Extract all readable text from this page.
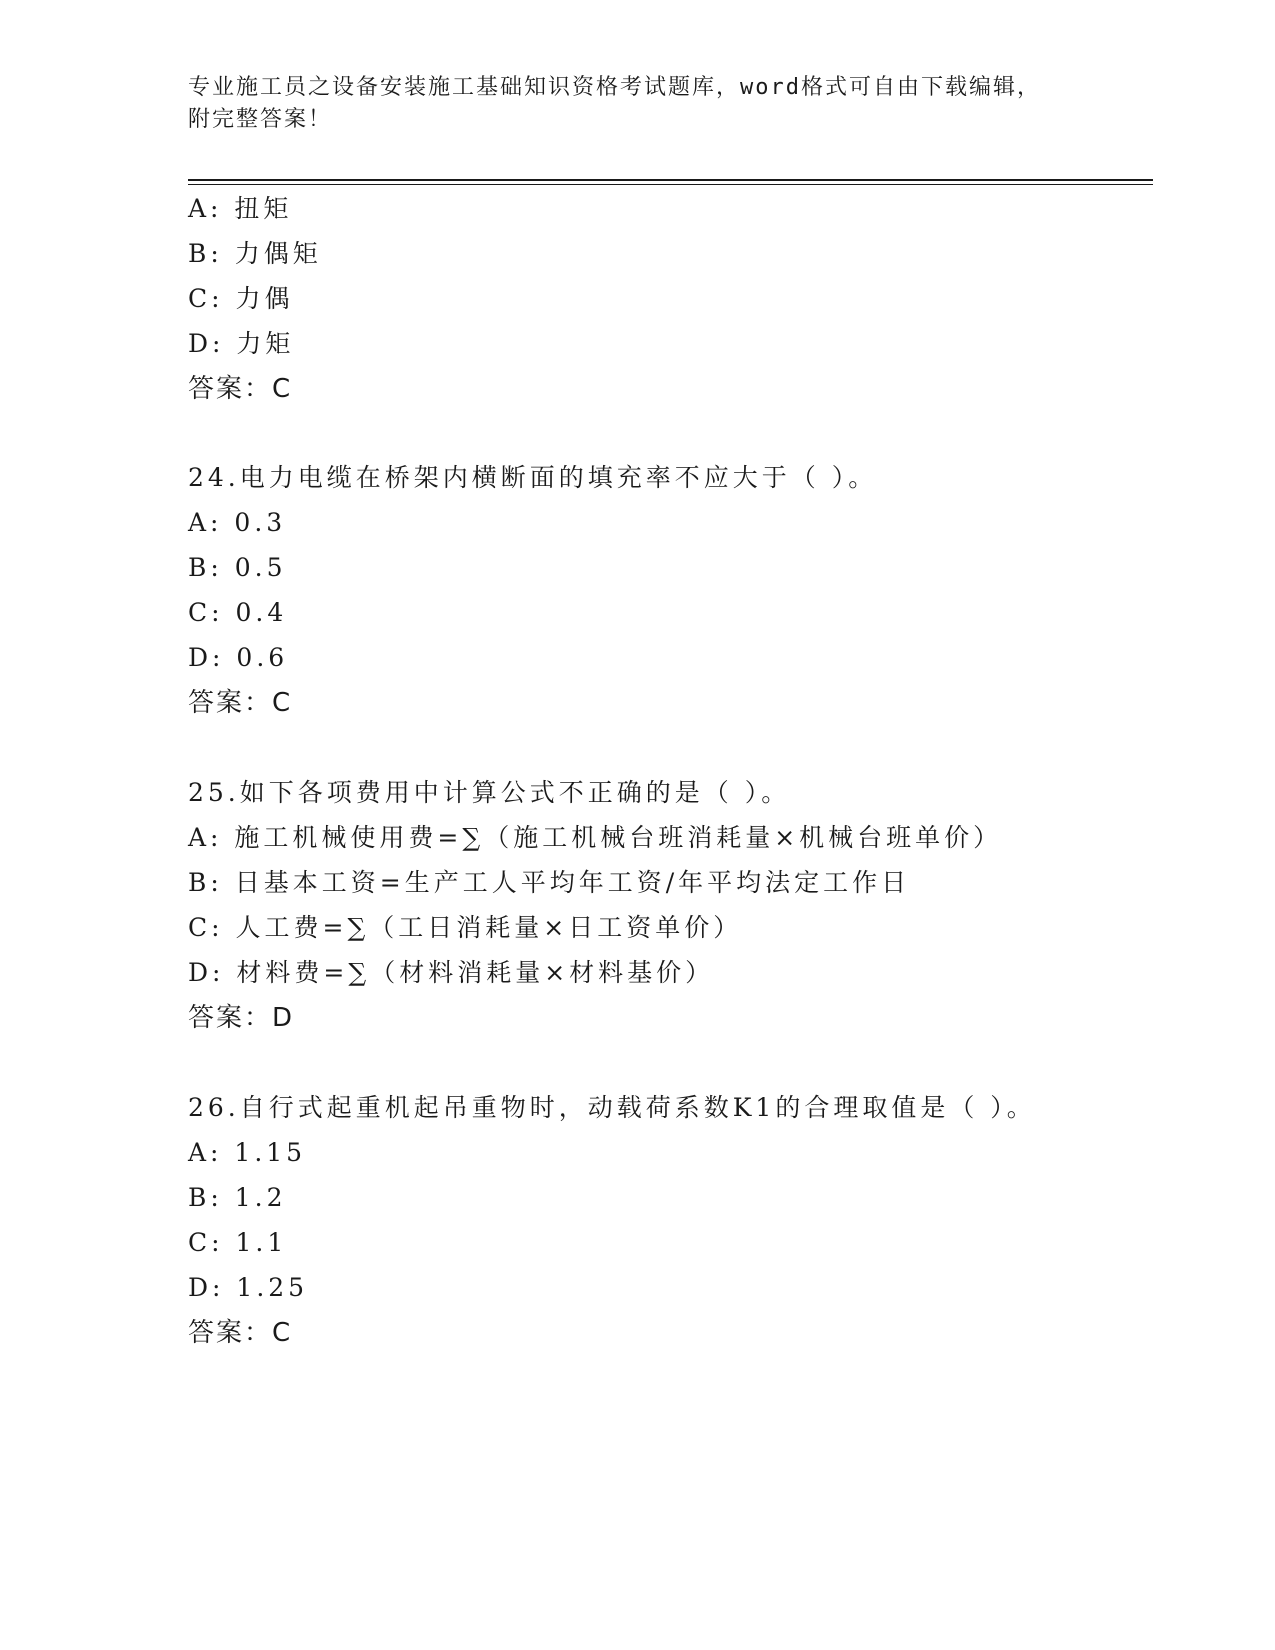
专业施工员之设备安装施工基础知识资格考试题库，word格式可自由下载编辑，
附完整答案！
A: 扭矩
B: 力偶矩
C: 力偶
D: 力矩
答案：C
24.电力电缆在桥架内横断面的填充率不应大于（ ）。
A: 0.3
B: 0.5
C: 0.4
D: 0.6
答案：C
25.如下各项费用中计算公式不正确的是（ ）。
A: 施工机械使用费=∑（施工机械台班消耗量×机械台班单价）
B: 日基本工资=生产工人平均年工资/年平均法定工作日
C: 人工费=∑（工日消耗量×日工资单价）
D: 材料费=∑（材料消耗量×材料基价）
答案：D
26.自行式起重机起吊重物时，动载荷系数K1的合理取值是（ ）。
A: 1.15
B: 1.2
C: 1.1
D: 1.25
答案：C
